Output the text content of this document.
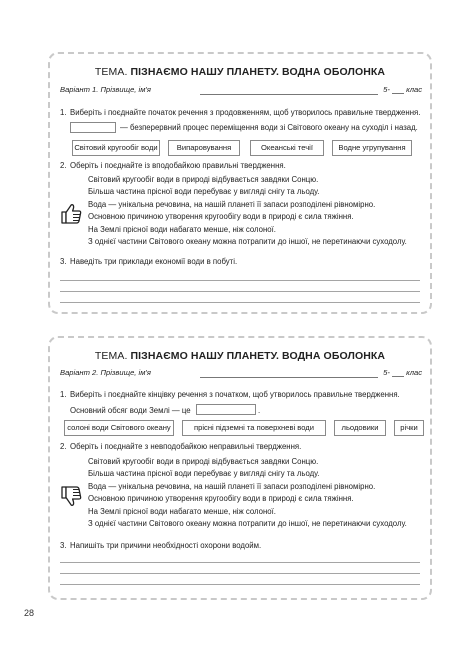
ТЕМА. ПІЗНАЄМО НАШУ ПЛАНЕТУ. ВОДНА ОБОЛОНКА
Варіант 1. Прізвище, ім'я	5- клас
1. Виберіть і поєднайте початок речення з продовженням, щоб утворилось правильне твердження.
— безперервний процес переміщення води зі Світового океану на суходіл і назад.
Світовий кругообіг води	Випаровування	Океанські течії	Водне угрупування
2. Оберіть і поєднайте із вподобайкою правильні твердження.
Світовий кругообіг води в природі відбувається завдяки Сонцю.
Більша частина прісної води перебуває у вигляді снігу та льоду.
Вода — унікальна речовина, на нашій планеті її запаси розподілені рівномірно.
Основною причиною утворення кругообігу води в природі є сила тяжіння.
На Землі прісної води набагато менше, ніж солоної.
З однієї частини Світового океану можна потрапити до іншої, не перетинаючи суходолу.
3. Наведіть три приклади економії води в побуті.
ТЕМА. ПІЗНАЄМО НАШУ ПЛАНЕТУ. ВОДНА ОБОЛОНКА
Варіант 2. Прізвище, ім'я	5- клас
1. Виберіть і поєднайте кінцівку речення з початком, щоб утворилось правильне твердження.
Основний обсяг води Землі — це	.
солоні води Світового океану	прісні підземні та поверхневі води	льодовики	річки
2. Оберіть і поєднайте з невподобайкою неправильні твердження.
Світовий кругообіг води в природі відбувається завдяки Сонцю.
Більша частина прісної води перебуває у вигляді снігу та льоду.
Вода — унікальна речовина, на нашій планеті її запаси розподілені рівномірно.
Основною причиною утворення кругообігу води в природі є сила тяжіння.
На Землі прісної води набагато менше, ніж солоної.
З однієї частини Світового океану можна потрапити до іншої, не перетинаючи суходолу.
3. Напишіть три причини необхідності охорони водойм.
28
